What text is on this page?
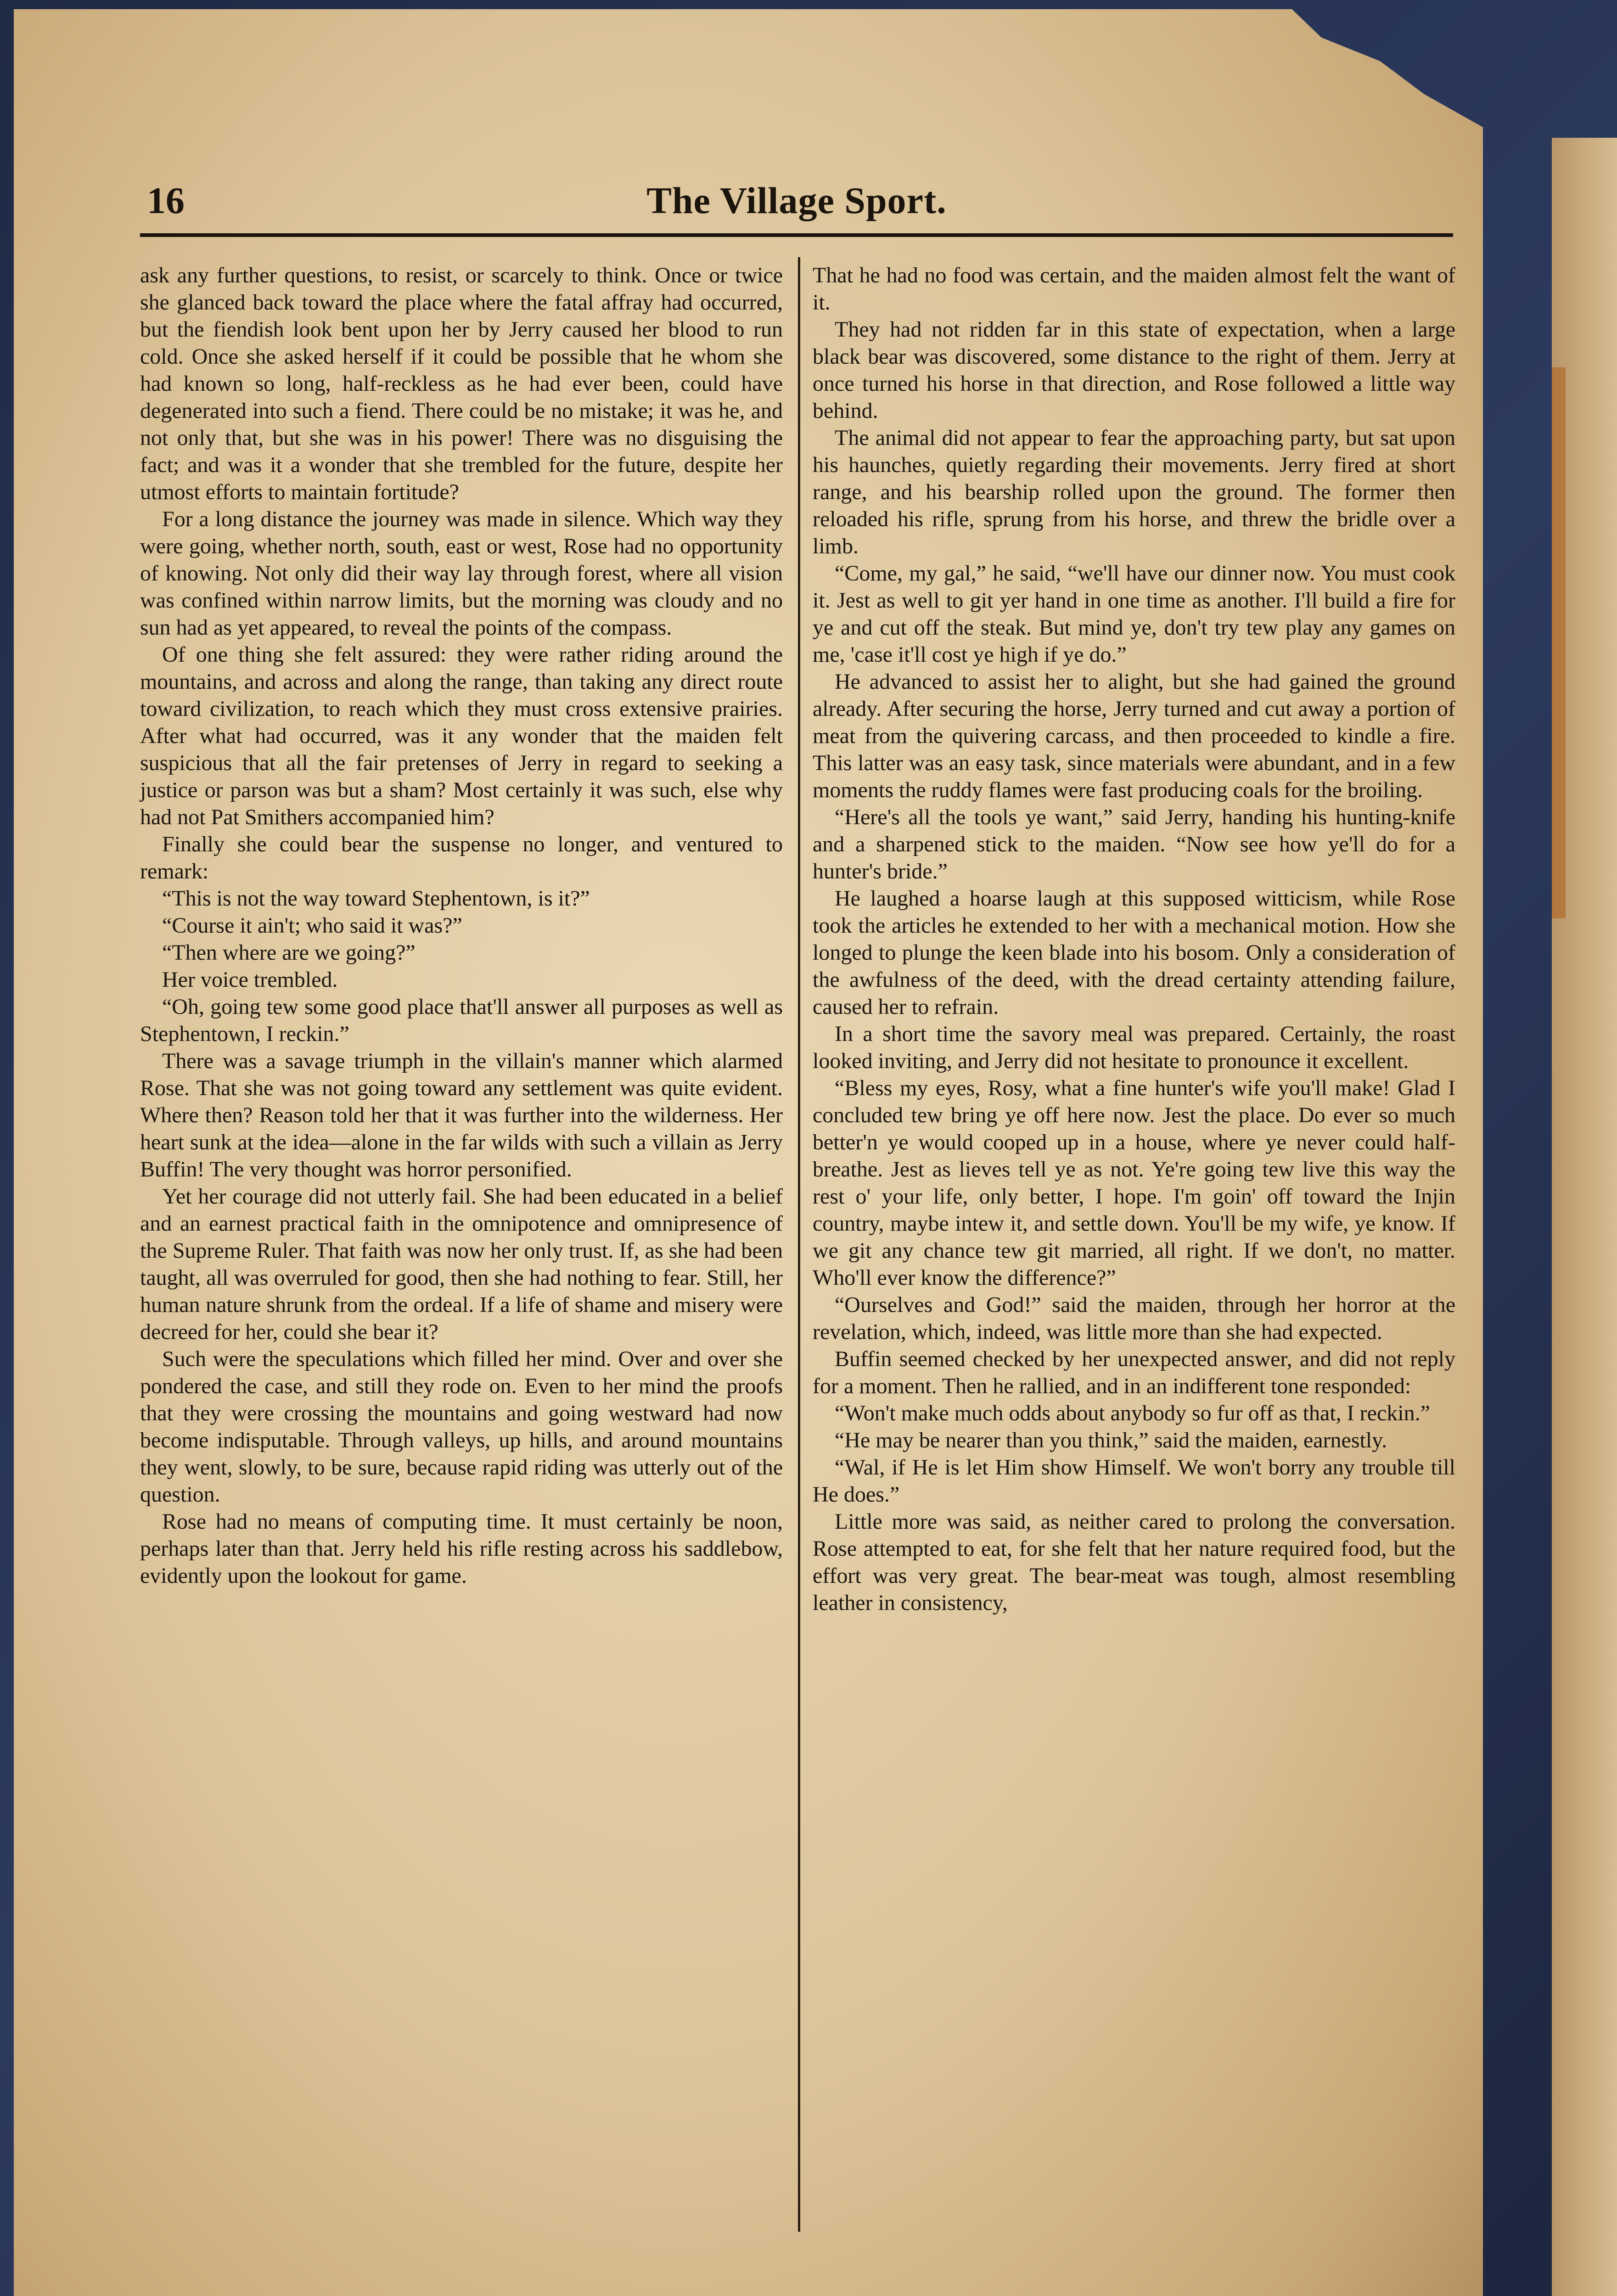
16	The Village Sport.

ask any further questions, to resist, or scarcely to think. Once or twice she glanced back toward the place where the fatal affray had occurred, but the fiendish look bent upon her by Jerry caused her blood to run cold. Once she asked herself if it could be possible that he whom she had known so long, half-reckless as he had ever been, could have degenerated into such a fiend. There could be no mistake; it was he, and not only that, but she was in his power! There was no disguising the fact; and was it a wonder that she trembled for the future, despite her utmost efforts to maintain fortitude?

For a long distance the journey was made in silence. Which way they were going, whether north, south, east or west, Rose had no opportunity of knowing. Not only did their way lay through forest, where all vision was confined within narrow limits, but the morning was cloudy and no sun had as yet appeared, to reveal the points of the compass.

Of one thing she felt assured: they were rather riding around the mountains, and across and along the range, than taking any direct route toward civilization, to reach which they must cross extensive prairies. After what had occurred, was it any wonder that the maiden felt suspicious that all the fair pretenses of Jerry in regard to seeking a justice or parson was but a sham? Most certainly it was such, else why had not Pat Smithers accompanied him?

Finally she could bear the suspense no longer, and ventured to remark:

“This is not the way toward Stephentown, is it?”

“Course it ain't; who said it was?”

“Then where are we going?”

Her voice trembled.

“Oh, going tew some good place that'll answer all purposes as well as Stephentown, I reckin.”

There was a savage triumph in the villain's manner which alarmed Rose. That she was not going toward any settlement was quite evident. Where then? Reason told her that it was further into the wilderness. Her heart sunk at the idea—alone in the far wilds with such a villain as Jerry Buffin! The very thought was horror personified.

Yet her courage did not utterly fail. She had been educated in a belief and an earnest practical faith in the omnipotence and omnipresence of the Supreme Ruler. That faith was now her only trust. If, as she had been taught, all was overruled for good, then she had nothing to fear. Still, her human nature shrunk from the ordeal. If a life of shame and misery were decreed for her, could she bear it?

Such were the speculations which filled her mind. Over and over she pondered the case, and still they rode on. Even to her mind the proofs that they were crossing the mountains and going westward had now become indisputable. Through valleys, up hills, and around mountains they went, slowly, to be sure, because rapid riding was utterly out of the question.

Rose had no means of computing time. It must certainly be noon, perhaps later than that. Jerry held his rifle resting across his saddlebow, evidently upon the lookout for game.

That he had no food was certain, and the maiden almost felt the want of it.

They had not ridden far in this state of expectation, when a large black bear was discovered, some distance to the right of them. Jerry at once turned his horse in that direction, and Rose followed a little way behind.

The animal did not appear to fear the approaching party, but sat upon his haunches, quietly regarding their movements. Jerry fired at short range, and his bearship rolled upon the ground. The former then reloaded his rifle, sprung from his horse, and threw the bridle over a limb.

“Come, my gal,” he said, “we'll have our dinner now. You must cook it. Jest as well to git yer hand in one time as another. I'll build a fire for ye and cut off the steak. But mind ye, don't try tew play any games on me, 'case it'll cost ye high if ye do.”

He advanced to assist her to alight, but she had gained the ground already. After securing the horse, Jerry turned and cut away a portion of meat from the quivering carcass, and then proceeded to kindle a fire. This latter was an easy task, since materials were abundant, and in a few moments the ruddy flames were fast producing coals for the broiling.

“Here's all the tools ye want,” said Jerry, handing his hunting-knife and a sharpened stick to the maiden. “Now see how ye'll do for a hunter's bride.”

He laughed a hoarse laugh at this supposed witticism, while Rose took the articles he extended to her with a mechanical motion. How she longed to plunge the keen blade into his bosom. Only a consideration of the awfulness of the deed, with the dread certainty attending failure, caused her to refrain.

In a short time the savory meal was prepared. Certainly, the roast looked inviting, and Jerry did not hesitate to pronounce it excellent.

“Bless my eyes, Rosy, what a fine hunter's wife you'll make! Glad I concluded tew bring ye off here now. Jest the place. Do ever so much better'n ye would cooped up in a house, where ye never could half-breathe. Jest as lieves tell ye as not. Ye're going tew live this way the rest o' your life, only better, I hope. I'm goin' off toward the Injin country, maybe intew it, and settle down. You'll be my wife, ye know. If we git any chance tew git married, all right. If we don't, no matter. Who'll ever know the difference?”

“Ourselves and God!” said the maiden, through her horror at the revelation, which, indeed, was little more than she had expected.

Buffin seemed checked by her unexpected answer, and did not reply for a moment. Then he rallied, and in an indifferent tone responded:

“Won't make much odds about anybody so fur off as that, I reckin.”

“He may be nearer than you think,” said the maiden, earnestly.

“Wal, if He is let Him show Himself. We won't borry any trouble till He does.”

Little more was said, as neither cared to prolong the conversation. Rose attempted to eat, for she felt that her nature required food, but the effort was very great. The bear-meat was tough, almost resembling leather in consistency,
